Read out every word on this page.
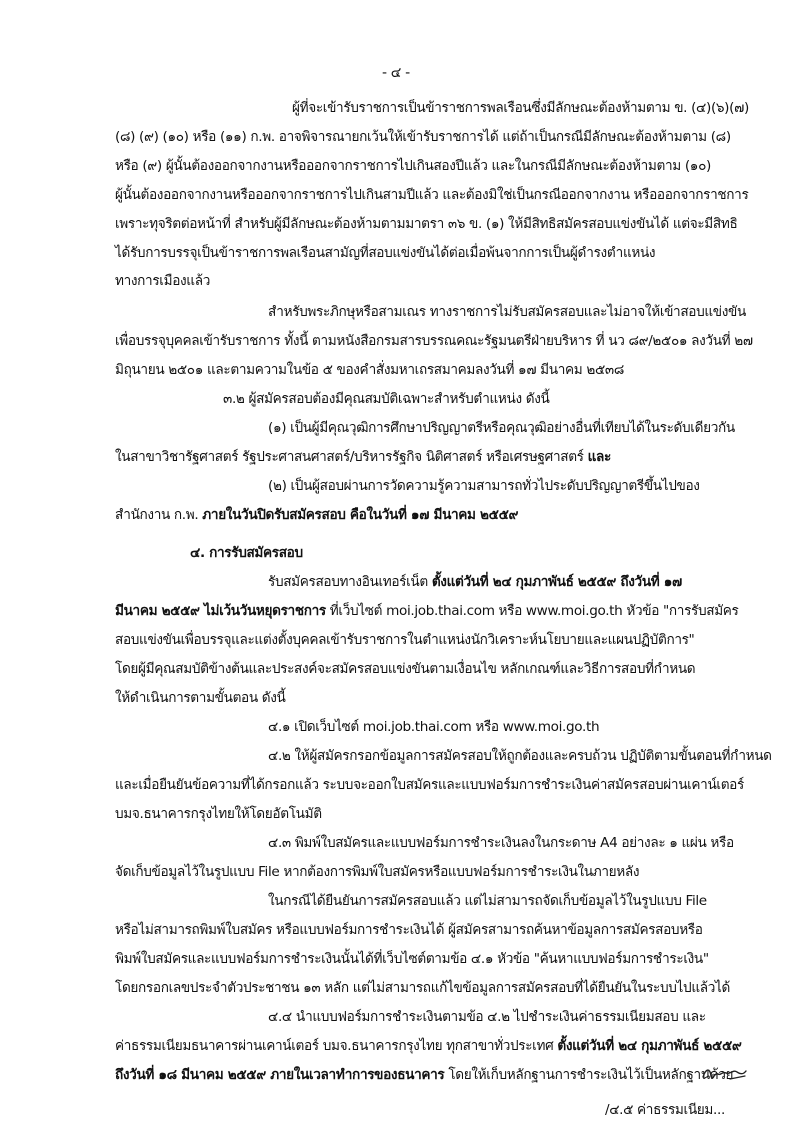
- ๔ -
ผู้ที่จะเข้ารับราชการเป็นข้าราชการพลเรือนซึ่งมีลักษณะต้องห้ามตาม ข. (๔)(๖)(๗)
(๘) (๙) (๑๐) หรือ (๑๑) ก.พ. อาจพิจารณายกเว้นให้เข้ารับราชการได้ แต่ถ้าเป็นกรณีมีลักษณะต้องห้ามตาม (๘)
หรือ (๙) ผู้นั้นต้องออกจากงานหรือออกจากราชการไปเกินสองปีแล้ว และในกรณีมีลักษณะต้องห้ามตาม (๑๐)
ผู้นั้นต้องออกจากงานหรือออกจากราชการไปเกินสามปีแล้ว และต้องมิใช่เป็นกรณีออกจากงาน หรือออกจากราชการ
เพราะทุจริตต่อหน้าที่ สำหรับผู้มีลักษณะต้องห้ามตามมาตรา ๓๖ ข. (๑) ให้มีสิทธิสมัครสอบแข่งขันได้ แต่จะมีสิทธิ
ได้รับการบรรจุเป็นข้าราชการพลเรือนสามัญที่สอบแข่งขันได้ต่อเมื่อพ้นจากการเป็นผู้ดำรงตำแหน่ง
ทางการเมืองแล้ว
สำหรับพระภิกษุหรือสามเณร ทางราชการไม่รับสมัครสอบและไม่อาจให้เข้าสอบแข่งขัน
เพื่อบรรจุบุคคลเข้ารับราชการ ทั้งนี้ ตามหนังสือกรมสารบรรณคณะรัฐมนตรีฝ่ายบริหาร ที่ นว ๘๙/๒๕๐๑ ลงวันที่ ๒๗
มิถุนายน ๒๕๐๑ และตามความในข้อ ๕ ของคำสั่งมหาเถรสมาคมลงวันที่ ๑๗ มีนาคม ๒๕๓๘
๓.๒ ผู้สมัครสอบต้องมีคุณสมบัติเฉพาะสำหรับตำแหน่ง ดังนี้
(๑) เป็นผู้มีคุณวุฒิการศึกษาปริญญาตรีหรือคุณวุฒิอย่างอื่นที่เทียบได้ในระดับเดียวกัน
ในสาขาวิชารัฐศาสตร์ รัฐประศาสนศาสตร์/บริหารรัฐกิจ นิติศาสตร์ หรือเศรษฐศาสตร์ และ
(๒) เป็นผู้สอบผ่านการวัดความรู้ความสามารถทั่วไประดับปริญญาตรีขึ้นไปของ
สำนักงาน ก.พ. ภายในวันปิดรับสมัครสอบ คือในวันที่ ๑๗ มีนาคม ๒๕๕๙
๔. การรับสมัครสอบ
รับสมัครสอบทางอินเทอร์เน็ต ตั้งแต่วันที่ ๒๔ กุมภาพันธ์ ๒๕๕๙ ถึงวันที่ ๑๗
มีนาคม ๒๕๕๙ ไม่เว้นวันหยุดราชการ ที่เว็บไซต์ moi.job.thai.com หรือ www.moi.go.th หัวข้อ "การรับสมัคร
สอบแข่งขันเพื่อบรรจุและแต่งตั้งบุคคลเข้ารับราชการในตำแหน่งนักวิเคราะห์นโยบายและแผนปฏิบัติการ"
โดยผู้มีคุณสมบัติข้างต้นและประสงค์จะสมัครสอบแข่งขันตามเงื่อนไข หลักเกณฑ์และวิธีการสอบที่กำหนด
ให้ดำเนินการตามขั้นตอน ดังนี้
๔.๑ เปิดเว็บไซต์ moi.job.thai.com หรือ www.moi.go.th
๔.๒ ให้ผู้สมัครกรอกข้อมูลการสมัครสอบให้ถูกต้องและครบถ้วน ปฏิบัติตามขั้นตอนที่กำหนด
และเมื่อยืนยันข้อความที่ได้กรอกแล้ว ระบบจะออกใบสมัครและแบบฟอร์มการชำระเงินค่าสมัครสอบผ่านเคาน์เตอร์
บมจ.ธนาคารกรุงไทยให้โดยอัตโนมัติ
๔.๓ พิมพ์ใบสมัครและแบบฟอร์มการชำระเงินลงในกระดาษ A4 อย่างละ ๑ แผ่น หรือ
จัดเก็บข้อมูลไว้ในรูปแบบ File หากต้องการพิมพ์ใบสมัครหรือแบบฟอร์มการชำระเงินในภายหลัง
ในกรณีได้ยืนยันการสมัครสอบแล้ว แต่ไม่สามารถจัดเก็บข้อมูลไว้ในรูปแบบ File
หรือไม่สามารถพิมพ์ใบสมัคร หรือแบบฟอร์มการชำระเงินได้ ผู้สมัครสามารถค้นหาข้อมูลการสมัครสอบหรือ
พิมพ์ใบสมัครและแบบฟอร์มการชำระเงินนั้นได้ที่เว็บไซต์ตามข้อ ๔.๑ หัวข้อ "ค้นหาแบบฟอร์มการชำระเงิน"
โดยกรอกเลขประจำตัวประชาชน ๑๓ หลัก แต่ไม่สามารถแก้ไขข้อมูลการสมัครสอบที่ได้ยืนยันในระบบไปแล้วได้
๔.๔ นำแบบฟอร์มการชำระเงินตามข้อ ๔.๒ ไปชำระเงินค่าธรรมเนียมสอบ และ
ค่าธรรมเนียมธนาคารผ่านเคาน์เตอร์ บมจ.ธนาคารกรุงไทย ทุกสาขาทั่วประเทศ ตั้งแต่วันที่ ๒๔ กุมภาพันธ์ ๒๕๕๙
ถึงวันที่ ๑๘ มีนาคม ๒๕๕๙ ภายในเวลาทำการของธนาคาร โดยให้เก็บหลักฐานการชำระเงินไว้เป็นหลักฐานด้วย
/๔.๕ ค่าธรรมเนียม...
